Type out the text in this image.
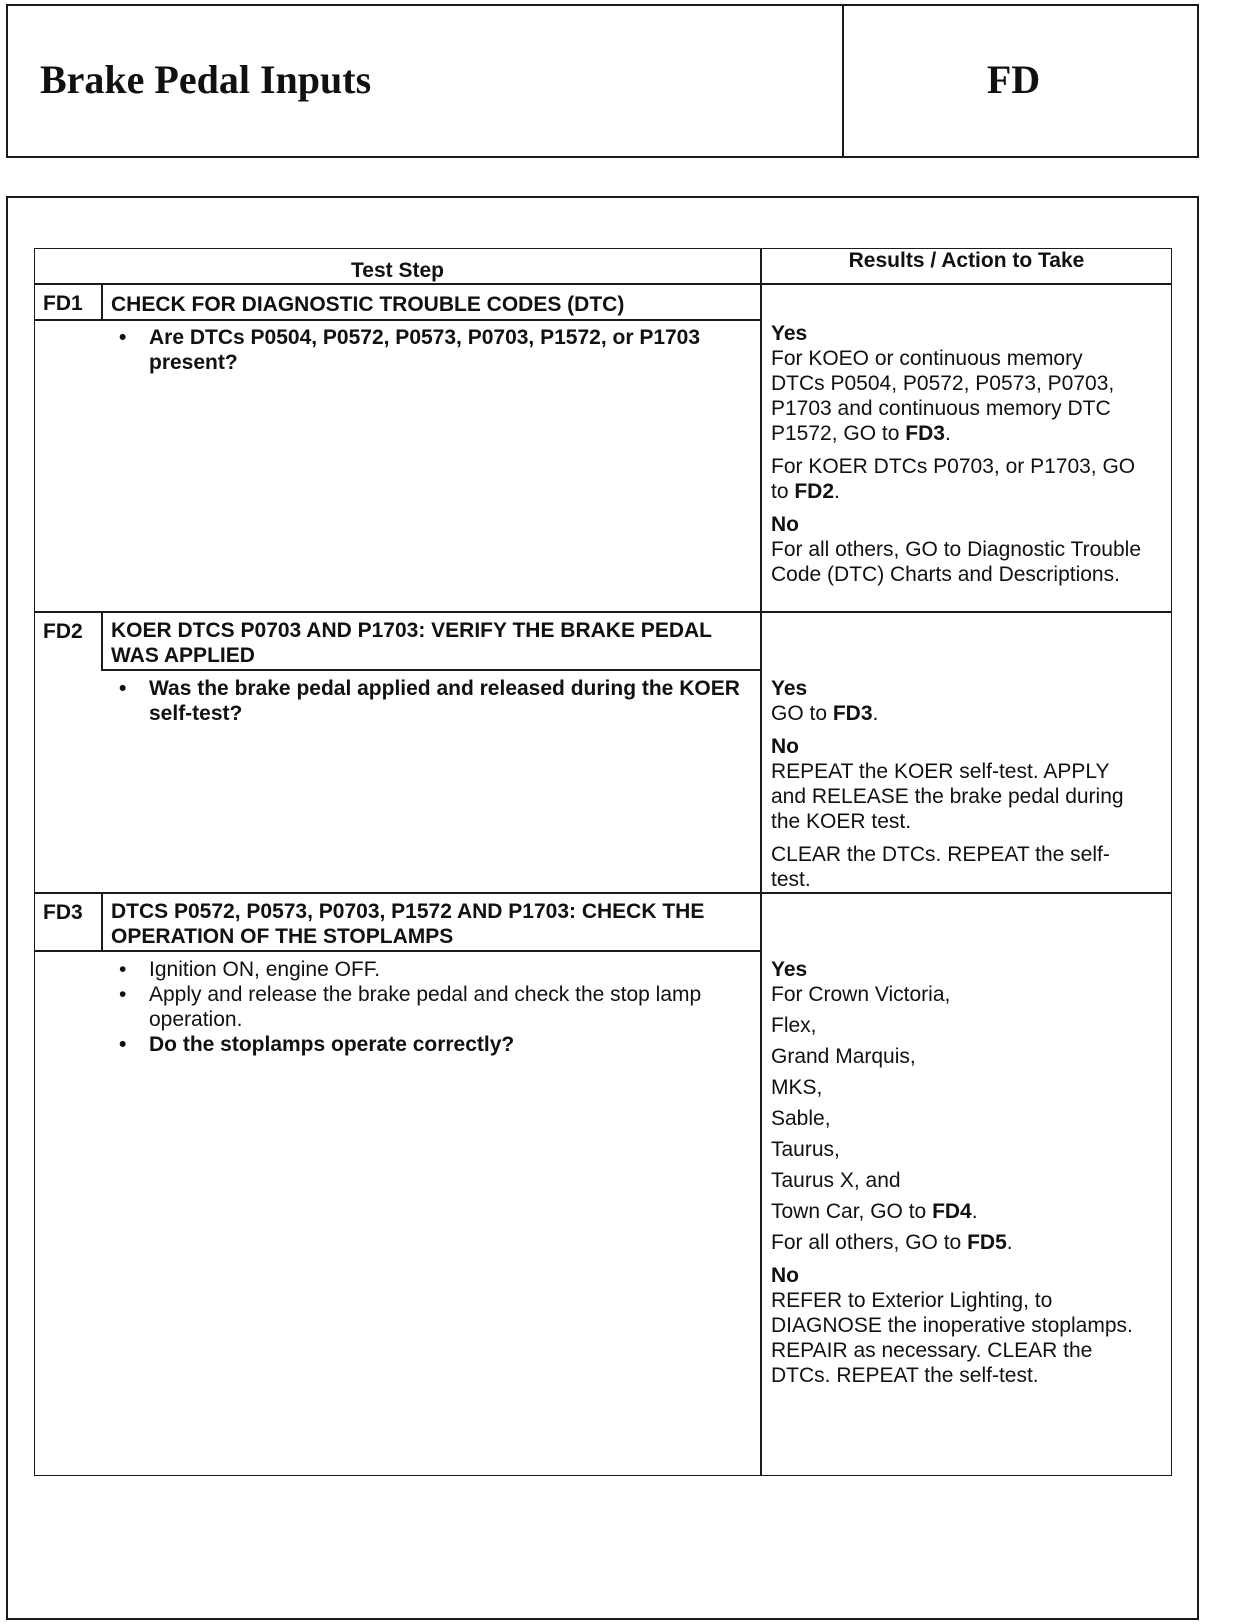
Brake Pedal Inputs	FD
Test Step	Results / Action to Take
FD1	CHECK FOR DIAGNOSTIC TROUBLE CODES (DTC)
• Are DTCs P0504, P0572, P0573, P0703, P1572, or P1703 present?

Yes

For KOEO or continuous memory DTCs P0504, P0572, P0573, P0703, P1703 and continuous memory DTC P1572, GO to FD3.

For KOER DTCs P0703, or P1703, GO to FD2.

No

For all others, GO to Diagnostic Trouble Code (DTC) Charts and Descriptions.

FD2	KOER DTCS P0703 AND P1703: VERIFY THE BRAKE PEDAL WAS APPLIED
• Was the brake pedal applied and released during the KOER self-test?

Yes

GO to FD3.

No

REPEAT the KOER self-test. APPLY and RELEASE the brake pedal during the KOER test.

CLEAR the DTCs. REPEAT the self-test.

FD3	DTCS P0572, P0573, P0703, P1572 AND P1703: CHECK THE OPERATION OF THE STOPLAMPS
• Ignition ON, engine OFF.
• Apply and release the brake pedal and check the stop lamp operation.
• Do the stoplamps operate correctly?

Yes

For Crown Victoria,

Flex,

Grand Marquis,

MKS,

Sable,

Taurus,

Taurus X, and

Town Car, GO to FD4.

For all others, GO to FD5.

No

REFER to Exterior Lighting, to DIAGNOSE the inoperative stoplamps. REPAIR as necessary. CLEAR the DTCs. REPEAT the self-test.
